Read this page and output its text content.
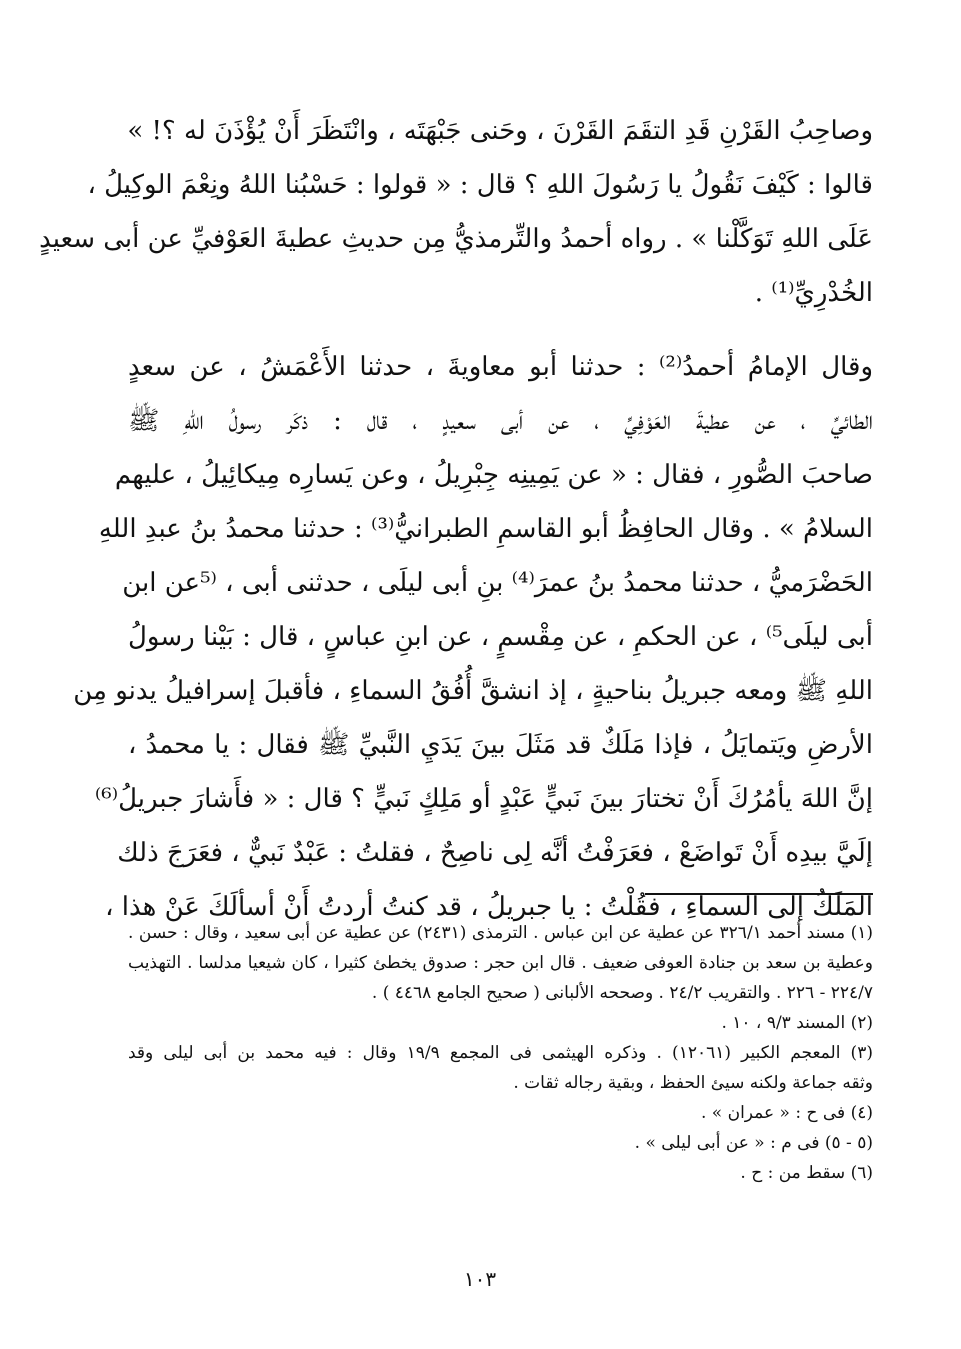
وصاحِبُ القَرْنِ قَدِ التقَمَ القَرْنَ ، وحَنى جَبْهَتَه ، وانْتَظَرَ أَنْ يُؤْذَنَ له ؟! »
قالوا : كَيْفَ نَقُولُ يا رَسُولَ اللهِ ؟ قال : « قولوا : حَسْبُنا اللهُ ونِعْمَ الوكِيلُ ،
عَلَى اللهِ تَوَكَّلْنا » . رواه أحمدُ والتِّرمذيُّ مِن حديثِ عطيةَ العَوْفيِّ عن أبى سعيدٍ
الخُدْرِيِّ⁽¹⁾ .
وقال الإمامُ أحمدُ⁽²⁾ : حدثنا أبو معاويةَ ، حدثنا الأَعْمَشُ ، عن سعدٍ
الطائيِّ ، عن عطيةَ العَوْفِيِّ ، عن أبى سعيدٍ ، قال : ذكَر رسولُ اللهِ ﷺ
صاحبَ الصُّورِ ، فقال : « عن يَمِينِه جِبْرِيلُ ، وعن يَسارِه مِيكائِيلُ ، عليهم
السلامُ » . وقال الحافِظُ أبو القاسمِ الطبرانيُّ⁽³⁾ : حدثنا محمدُ بنُ عبدِ اللهِ
الحَضْرَميُّ ، حدثنا محمدُ بنُ عمرَ⁽⁴⁾ بنِ أبى ليلَى ، حدثنى أبى ، ⁽⁵عن ابن
أبى ليلَى⁵⁾ ، عن الحكمِ ، عن مِقْسمٍ ، عن ابنِ عباسٍ ، قال : بَيْنا رسولُ
اللهِ ﷺ ومعه جبريلُ بناحيةٍ ، إذ انشقَّ أُفُقُ السماءِ ، فأقبلَ إسرافيلُ يدنو مِن
الأرضِ ويَتمايَلُ ، فإذا مَلَكٌ قد مَثَلَ بينَ يَدَيِ النَّبيِّ ﷺ فقال : يا محمدُ ،
إنَّ اللهَ يأمُرُكَ أَنْ تختارَ بينَ نَبيٍّ عَبْدٍ أو مَلِكٍ نَبيٍّ ؟ قال : « فأَشارَ جبريلُ⁽⁶⁾
إلَيَّ بيدِه أَنْ تَواضَعْ ، فعَرَفْتُ أنَّه لِى ناصِحٌ ، فقلتُ : عَبْدٌ نَبيٌّ ، فعَرَجَ ذلك
المَلَكُ إلى السماءِ ، فقُلْتُ : يا جبريلُ ، قد كنتُ أردتُ أَنْ أسألَكَ عَنْ هذا ،
(١) مسند أحمد ٣٢٦/١ عن عطية عن ابن عباس . الترمذى (٢٤٣١) عن عطية عن أبى سعيد ، وقال : حسن .
وعطية بن سعد بن جنادة العوفى ضعيف . قال ابن حجر : صدوق يخطئ كثيرا ، كان شيعيا مدلسا . التهذيب
٢٢٤/٧ - ٢٢٦ . والتقريب ٢٤/٢ . وصححه الألبانى ( صحيح الجامع ٤٤٦٨ ) .
(٢) المسند ٩/٣ ، ١٠ .
(٣) المعجم الكبير (١٢٠٦١) . وذكره الهيثمى فى المجمع ١٩/٩ وقال : فيه محمد بن أبى ليلى وقد
وثقه جماعة ولكنه سيئ الحفظ ، وبقية رجاله ثقات .
(٤) فى ح : « عمران » .
(٥ - ٥) فى م : « عن أبى ليلى » .
(٦) سقط من : ح .
١٠٣
